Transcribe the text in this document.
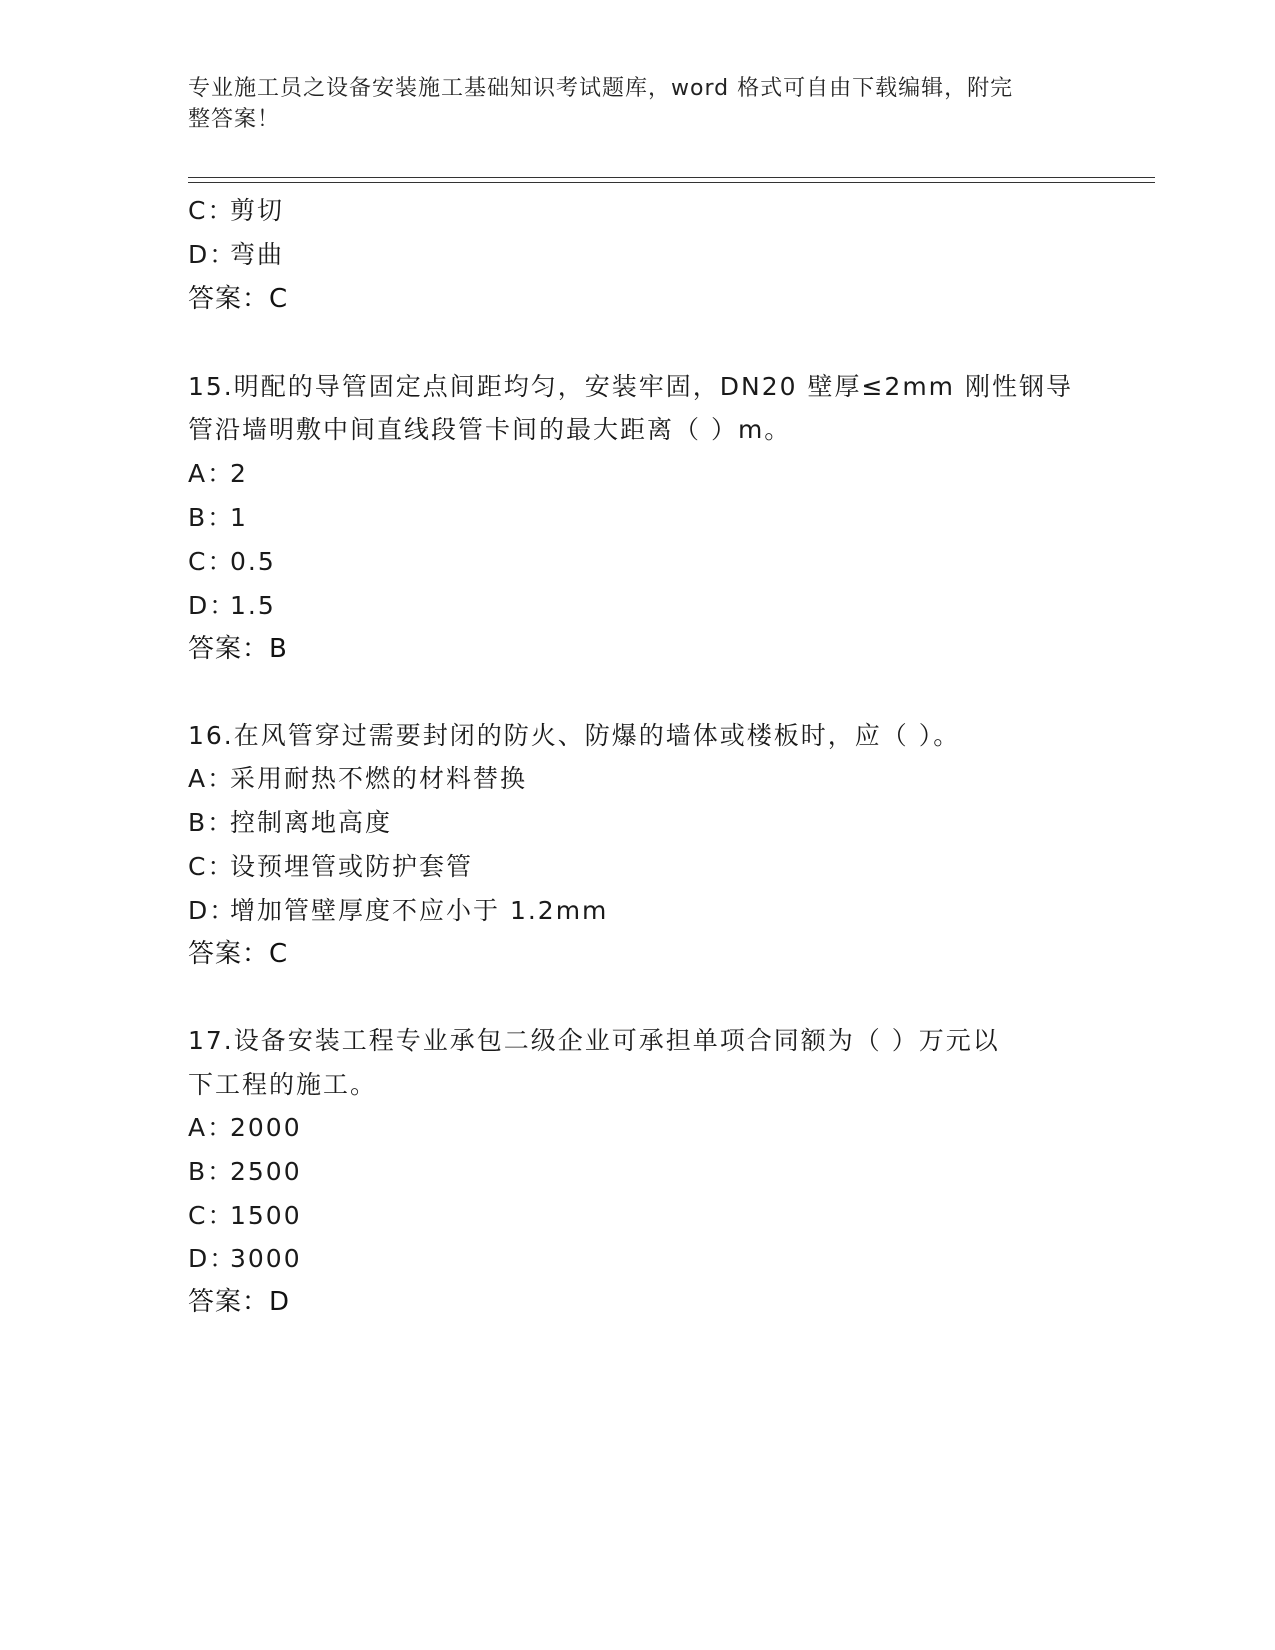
专业施工员之设备安装施工基础知识考试题库，word 格式可自由下载编辑，附完
整答案！
C：剪切
D：弯曲
答案：C
15.明配的导管固定点间距均匀，安装牢固，DN20 壁厚≤2mm 刚性钢导
管沿墙明敷中间直线段管卡间的最大距离（ ）m。
A：2
B：1
C：0.5
D：1.5
答案：B
16.在风管穿过需要封闭的防火、防爆的墙体或楼板时，应（ ）。
A：采用耐热不燃的材料替换
B：控制离地高度
C：设预埋管或防护套管
D：增加管壁厚度不应小于 1.2mm
答案：C
17.设备安装工程专业承包二级企业可承担单项合同额为（ ）万元以
下工程的施工。
A：2000
B：2500
C：1500
D：3000
答案：D
